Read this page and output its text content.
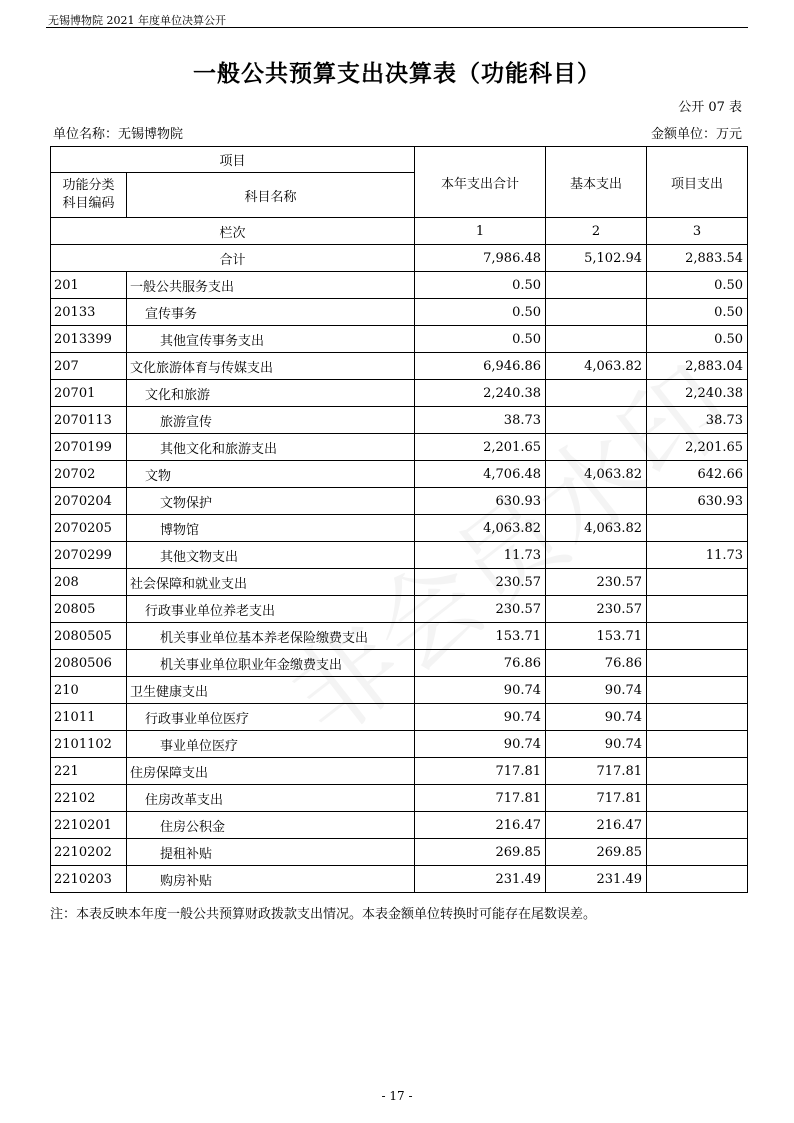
无锡博物院 2021 年度单位决算公开
一般公共预算支出决算表（功能科目）
公开 07 表
单位名称：无锡博物院	金额单位：万元
项目		本年支出合计	基本支出	项目支出
功能分类
科目编码	科目名称			
栏次		1	2	3
合计		7,986.48	5,102.94	2,883.54
201	一般公共服务支出	0.50		0.50
20133	宣传事务	0.50		0.50
2013399	其他宣传事务支出	0.50		0.50
207	文化旅游体育与传媒支出	6,946.86	4,063.82	2,883.04
20701	文化和旅游	2,240.38		2,240.38
2070113	旅游宣传	38.73		38.73
2070199	其他文化和旅游支出	2,201.65		2,201.65
20702	文物	4,706.48	4,063.82	642.66
2070204	文物保护	630.93		630.93
2070205	博物馆	4,063.82	4,063.82	
2070299	其他文物支出	11.73		11.73
208	社会保障和就业支出	230.57	230.57	
20805	行政事业单位养老支出	230.57	230.57	
2080505	机关事业单位基本养老保险缴费支出	153.71	153.71	
2080506	机关事业单位职业年金缴费支出	76.86	76.86	
210	卫生健康支出	90.74	90.74	
21011	行政事业单位医疗	90.74	90.74	
2101102	事业单位医疗	90.74	90.74	
221	住房保障支出	717.81	717.81	
22102	住房改革支出	717.81	717.81	
2210201	住房公积金	216.47	216.47	
2210202	提租补贴	269.85	269.85	
2210203	购房补贴	231.49	231.49	
注：本表反映本年度一般公共预算财政拨款支出情况。本表金额单位转换时可能存在尾数误差。
- 17 -
